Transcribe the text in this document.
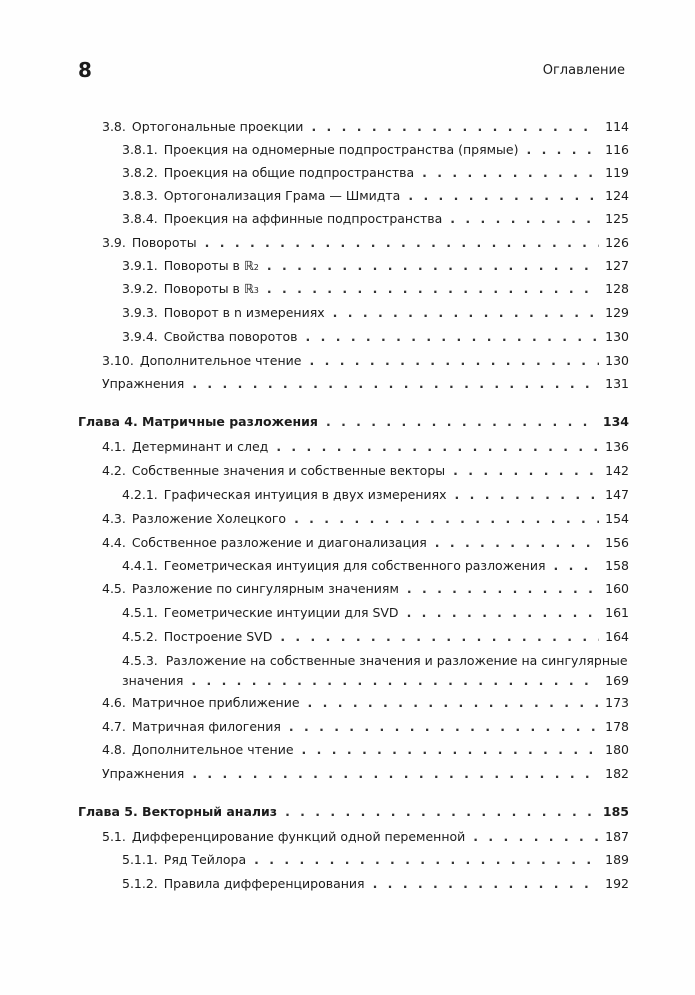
8	Оглавление
3.8. Ортогональные проекции . . .	114
3.8.1. Проекция на одномерные подпространства (прямые) . . .	116
3.8.2. Проекция на общие подпространства . . .	119
3.8.3. Ортогонализация Грама — Шмидта . . .	124
3.8.4. Проекция на аффинные подпространства . . .	125
3.9. Повороты . . .	126
3.9.1. Повороты в ℝ 2 . . .	127
3.9.2. Повороты в ℝ 3 . . .	128
3.9.3. Поворот в n измерениях . . .	129
3.9.4. Свойства поворотов . . .	130
3.10. Дополнительное чтение . . .	130
Упражнения . . .	131
Глава 4. Матричные разложения . . .	134
4.1. Детерминант и след . . .	136
4.2. Собственные значения и собственные векторы . . .	142
4.2.1. Графическая интуиция в двух измерениях . . .	147
4.3. Разложение Холецкого . . .	154
4.4. Собственное разложение и диагонализация . . .	156
4.4.1. Геометрическая интуиция для собственного разложения . . .	158
4.5. Разложение по сингулярным значениям . . .	160
4.5.1. Геометрические интуиции для SVD . . .	161
4.5.2. Построение SVD . . .	164
4.5.3. Разложение на собственные значения и разложение на сингулярные
значения . . .	169
4.6. Матричное приближение . . .	173
4.7. Матричная филогения . . .	178
4.8. Дополнительное чтение . . .	180
Упражнения . . .	182
Глава 5. Векторный анализ . . .	185
5.1. Дифференцирование функций одной переменной . . .	187
5.1.1. Ряд Тейлора . . .	189
5.1.2. Правила дифференцирования . . .	192
